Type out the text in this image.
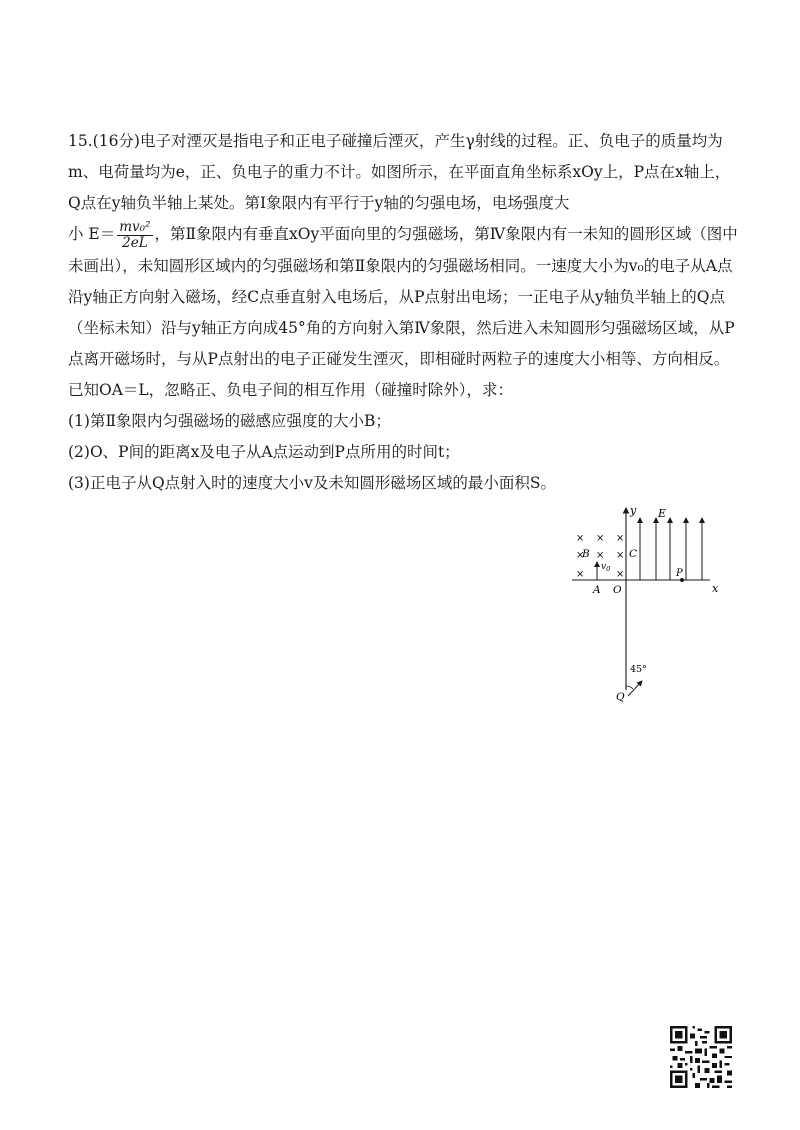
15.(16分)电子对湮灭是指电子和正电子碰撞后湮灭，产生γ射线的过程。正、负电子的质量均为m、电荷量均为e，正、负电子的重力不计。如图所示，在平面直角坐标系xOy上，P点在x轴上，Q点在y轴负半轴上某处。第Ⅰ象限内有平行于y轴的匀强电场，电场强度大
小 $E= \frac{\text{mv₀²}}{2eL}$ ，第Ⅱ象限内有垂直xOy平面向里的匀强磁场，第Ⅳ象限内有一未知的圆形区域（图中未画出），未知圆形区域内的匀强磁场和第Ⅱ象限内的匀强磁场相同。一速度大小为v₀的电子从A点沿y轴正方向射入磁场，经C点垂直射入电场后，从P点射出电场；一正电子从y轴负半轴上的Q点（坐标未知）沿与y轴正方向成45°角的方向射入第Ⅳ象限，然后进入未知圆形匀强磁场区域，从P点离开磁场时，与从P点射出的电子正碰发生湮灭，即相碰时两粒子的速度大小相等、方向相反。已知OA＝L，忽略正、负电子间的相互作用（碰撞时除外），求：

(1)第Ⅱ象限内匀强磁场的磁感应强度的大小B；

(2)O、P间的距离x及电子从A点运动到P点所用的时间t；

(3)正电子从Q点射入时的速度大小v及未知圆形磁场区域的最小面积S。

x
y E
× × ×
× × ×
×	×
B
$v_0$
C
A O
P
45°
Q
